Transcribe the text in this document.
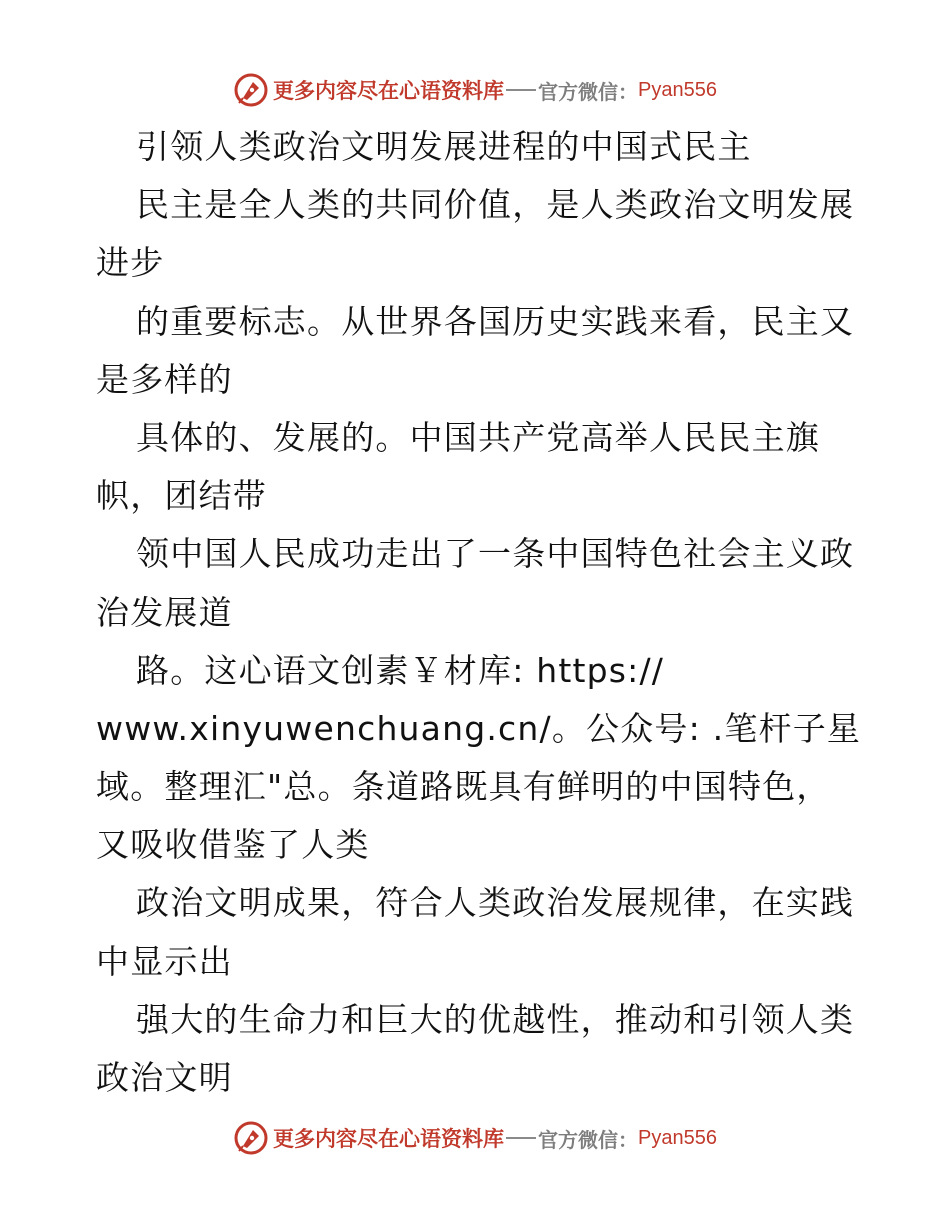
更多内容尽在心语资料库 官方微信： Pyan556
引领人类政治文明发展进程的中国式民主
民主是全人类的共同价值，是人类政治文明发展
进步
的重要标志。从世界各国历史实践来看，民主又
是多样的
具体的、发展的。中国共产党高举人民民主旗
帜，团结带
领中国人民成功走出了一条中国特色社会主义政
治发展道
路。这心语文创素￥材库: https://
www.xinyuwenchuang.cn/。公众号: .笔杆子星
域。整理汇"总。条道路既具有鲜明的中国特色，
又吸收借鉴了人类
政治文明成果，符合人类政治发展规律，在实践
中显示出
强大的生命力和巨大的优越性，推动和引领人类
政治文明
更多内容尽在心语资料库 官方微信： Pyan556
